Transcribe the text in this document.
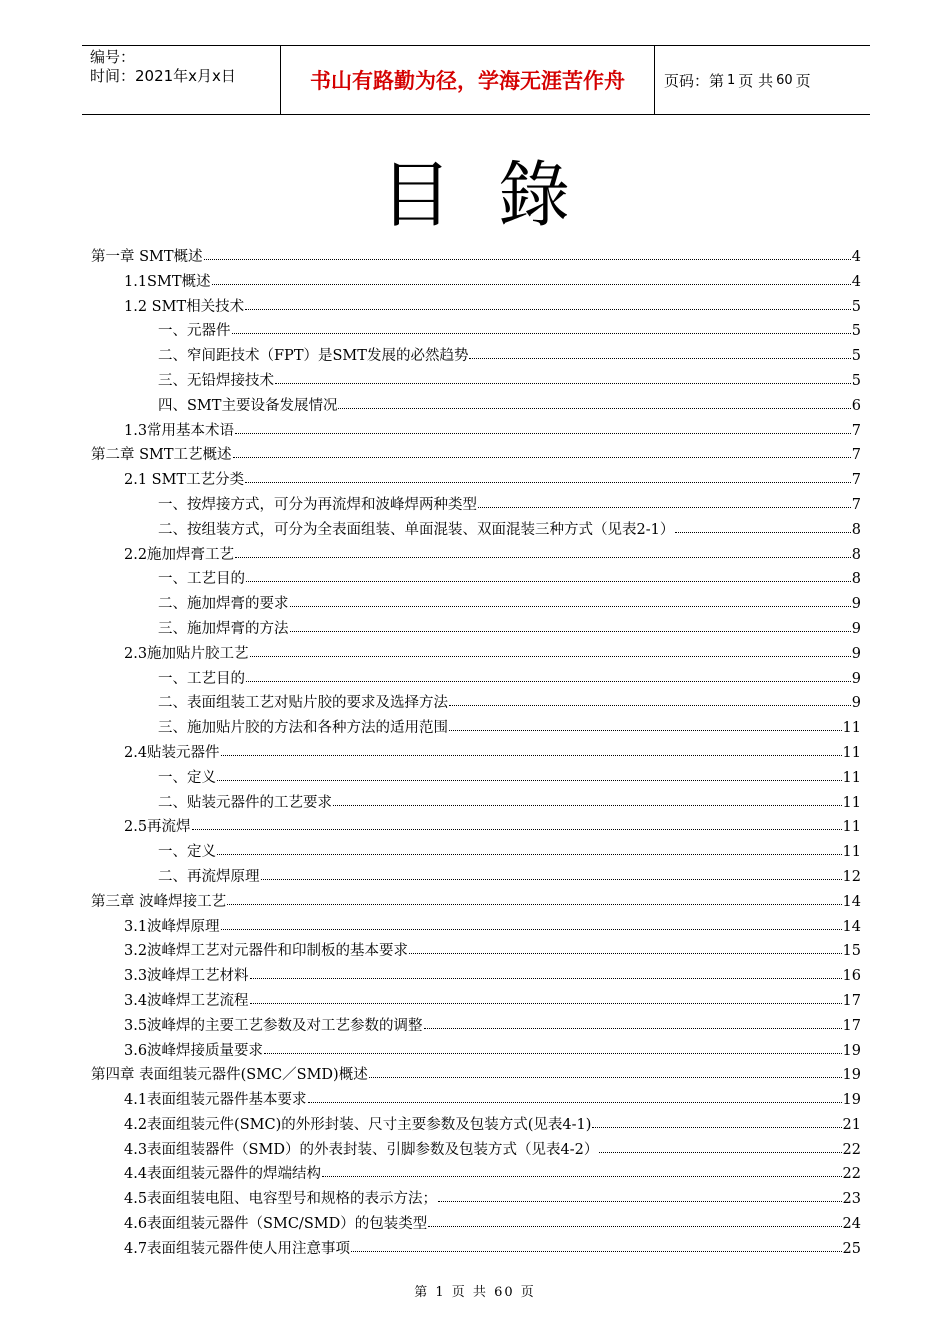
编号：
时间：2021年x月x日	书山有路勤为径，学海无涯苦作舟	页码：第 1 页 共 60 页
目錄
第一章 SMT概述	4
1.1SMT概述	4
1.2 SMT相关技术	5
一、元器件	5
二、窄间距技术（FPT）是SMT发展的必然趋势	5
三、无铅焊接技术	5
四、SMT主要设备发展情况	6
1.3常用基本术语	7
第二章 SMT工艺概述	7
2.1 SMT工艺分类	7
一、按焊接方式，可分为再流焊和波峰焊两种类型	7
二、按组装方式，可分为全表面组装、单面混装、双面混装三种方式（见表2-1）	8
2.2施加焊膏工艺	8
一、工艺目的	8
二、施加焊膏的要求	9
三、施加焊膏的方法	9
2.3施加贴片胶工艺	9
一、工艺目的	9
二、表面组装工艺对贴片胶的要求及选择方法	9
三、施加贴片胶的方法和各种方法的适用范围	11
2.4贴装元器件	11
一、定义	11
二、贴装元器件的工艺要求	11
2.5再流焊	11
一、定义	11
二、再流焊原理	12
第三章 波峰焊接工艺	14
3.1波峰焊原理	14
3.2波峰焊工艺对元器件和印制板的基本要求	15
3.3波峰焊工艺材料	16
3.4波峰焊工艺流程	17
3.5波峰焊的主要工艺参数及对工艺参数的调整	17
3.6波峰焊接质量要求	19
第四章 表面组装元器件(SMC／SMD)概述	19
4.1表面组装元器件基本要求	19
4.2表面组装元件(SMC)的外形封装、尺寸主要参数及包装方式(见表4-1)	21
4.3表面组装器件（SMD）的外表封装、引脚参数及包装方式（见表4-2）	22
4.4表面组装元器件的焊端结构	22
4.5表面组装电阻、电容型号和规格的表示方法；	23
4.6表面组装元器件（SMC/SMD）的包装类型	24
4.7表面组装元器件使人用注意事项	25
第 1 页 共 60 页
